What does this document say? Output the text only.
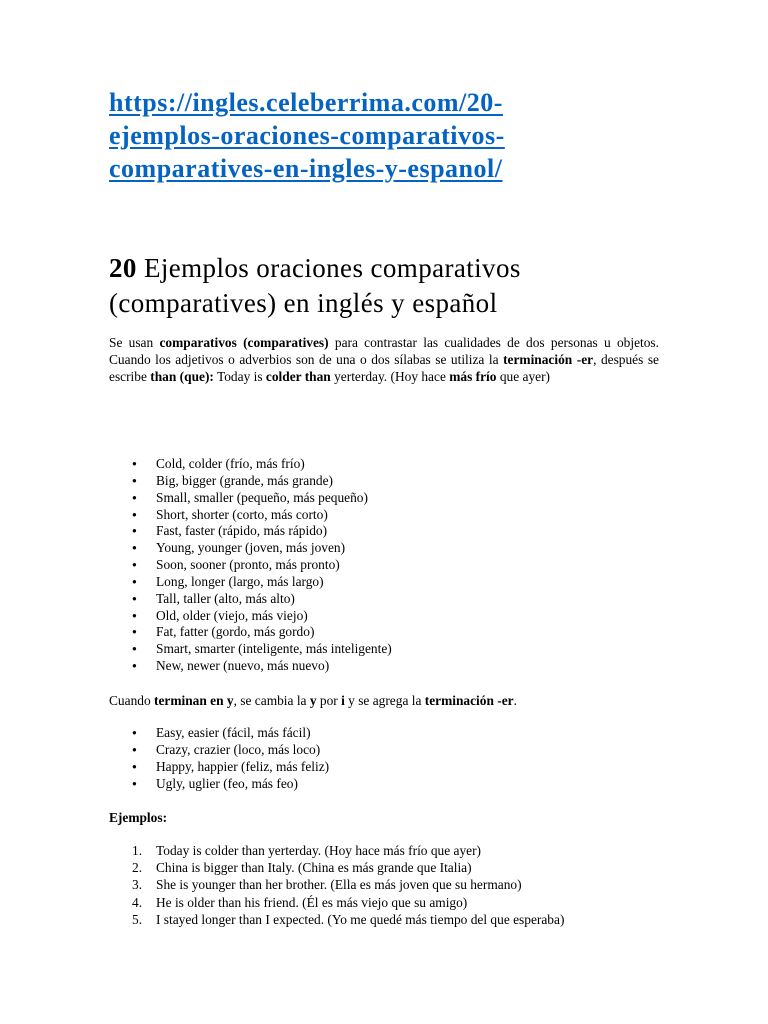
https://ingles.celeberrima.com/20-
ejemplos-oraciones-comparativos-
comparatives-en-ingles-y-espanol/
20 Ejemplos oraciones comparativos
(comparatives) en inglés y español

Se usan comparativos (comparatives) para contrastar las cualidades de dos personas u objetos. Cuando los adjetivos o adverbios son de una o dos sílabas se utiliza la terminación -er, después se escribe than (que): Today is colder than yerterday. (Hoy hace más frío que ayer)

● Cold, colder (frío, más frío)
● Big, bigger (grande, más grande)
● Small, smaller (pequeño, más pequeño)
● Short, shorter (corto, más corto)
● Fast, faster (rápido, más rápido)
● Young, younger (joven, más joven)
● Soon, sooner (pronto, más pronto)
● Long, longer (largo, más largo)
● Tall, taller (alto, más alto)
● Old, older (viejo, más viejo)
● Fat, fatter (gordo, más gordo)
● Smart, smarter (inteligente, más inteligente)
● New, newer (nuevo, más nuevo)

Cuando terminan en y, se cambia la y por i y se agrega la terminación -er.

● Easy, easier (fácil, más fácil)
● Crazy, crazier (loco, más loco)
● Happy, happier (feliz, más feliz)
● Ugly, uglier (feo, más feo)

Ejemplos:

1. Today is colder than yerterday. (Hoy hace más frío que ayer)
2. China is bigger than Italy. (China es más grande que Italia)
3. She is younger than her brother. (Ella es más joven que su hermano)
4. He is older than his friend. (Él es más viejo que su amigo)
5. I stayed longer than I expected. (Yo me quedé más tiempo del que esperaba)
